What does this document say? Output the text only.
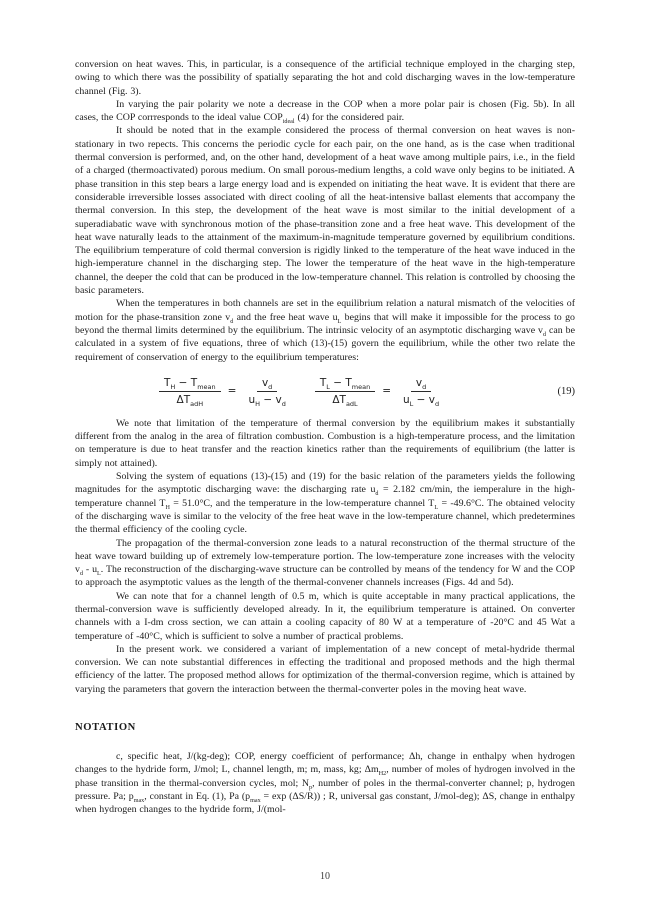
conversion on heat waves. This, in particular, is a consequence of the artificial technique employed in the charging step, owing to which there was the possibility of spatially separating the hot and cold discharging waves in the low-temperature channel (Fig. 3).

In varying the pair polarity we note a decrease in the COP when a more polar pair is chosen (Fig. 5b). In all cases, the COP corrresponds to the ideal value $COP_{ideal}$ (4) for the considered pair.

It should be noted that in the example considered the process of thermal conversion on heat waves is non-stationary in two repects. This concerns the periodic cycle for each pair, on the one hand, as is the case when traditional thermal conversion is performed, and, on the other hand, development of a heat wave among multiple pairs, i.e., in the field of a charged (thermoactivated) porous medium. On small porous-medium lengths, a cold wave only begins to be initiated. A phase transition in this step bears a large energy load and is expended on initiating the heat wave. It is evident that there are considerable irreversible losses associated with direct cooling of all the heat-intensive ballast elements that accompany the thermal conversion. In this step, the development of the heat wave is most similar to the initial development of a superadiabatic wave with synchronous motion of the phase-transition zone and a free heat wave. This development of the heat wave naturally leads to the attainment of the maximum-in-magnitude temperature governed by equilibrium conditions. The equilibrium temperature of cold thermal conversion is rigidly linked to the temperature of the heat wave induced in the high-iemperature channel in the discharging step. The lower the temperature of the heat wave in the high-temperature channel, the deeper the cold that can be produced in the low-temperature channel. This relation is controlled by choosing the basic parameters.

When the temperatures in both channels are set in the equilibrium relation a natural mismatch of the velocities of motion for the phase-transition zone $v_d$ and the free heat wave $u_L$ begins that will make it impossible for the process to go beyond the thermal limits determined by the equilibrium. The intrinsic velocity of an asymptotic discharging wave $v_d$ can be calculated in a system of five equations, three of which (13)-(15) govern the equilibrium, while the other two relate the requirement of conservation of energy to the equilibrium temperatures:

$\frac{T_H - T_{mean}}{\Delta T_{adH}} = \frac{v_d}{u_H - v_d} \frac{T_L - T_{mean}}{\Delta T_{adL}} = \frac{v_d}{u_L - v_d}$	(19)

We note that limitation of the temperature of thermal conversion by the equilibrium makes it substantially different from the analog in the area of filtration combustion. Combustion is a high-temperature process, and the limitation on temperature is due to heat transfer and the reaction kinetics rather than the requirements of equilibrium (the latter is simply not attained).

Solving the system of equations (13)-(15) and (19) for the basic relation of the parameters yields the following magnitudes for the asymptotic discharging wave: the discharging rate $u_d = 2.182$ cm/min, the iemperalure in the high-temperature channel $T_H = 51.0^\circ C$, and the temperature in the low-temperature channel $T_L = -49.6^\circ C$. The obtained velocity of the discharging wave is similar to the velocity of the free heat wave in the low-temperature channel, which predetermines the thermal efficiency of the cooling cycle.

The propagation of the thermal-conversion zone leads to a natural reconstruction of the thermal structure of the heat wave toward building up of extremely low-temperature portion. The low-temperature zone increases with the velocity $v_d - u_L$. The reconstruction of the discharging-wave structure can be controlled by means of the tendency for W and the COP to approach the asymptotic values as the length of the thermal-convener channels increases (Figs. 4d and 5d).

We can note that for a channel length of 0.5 m, which is quite acceptable in many practical applications, the thermal-conversion wave is sufficiently developed already. In it, the equilibrium temperature is attained. On converter channels with a I-dm cross section, we can attain a cooling capacity of 80 W at a temperature of -20°C and 45 Wat a temperature of -40°C, which is sufficient to solve a number of practical problems.

In the present work. we considered a variant of implementation of a new concept of metal-hydride thermal conversion. We can note substantial differences in effecting the traditional and proposed methods and the high thermal efficiency of the latter. The proposed method allows for optimization of the thermal-conversion regime, which is attained by varying the parameters that govern the interaction between the thermal-converter poles in the moving heat wave.

NOTATION

c, specific heat, J/(kg-deg); COP, energy coefficient of performance; Δh, change in enthalpy when hydrogen changes to the hydride form, J/mol; L, channel length, m; m, mass, kg; $\Delta m_{H2}$, number of moles of hydrogen involved in the phase transition in the thermal-conversion cycles, mol; $N_p$, number of poles in the thermal-converter channel; p, hydrogen pressure. Pa; $p_{max}$, constant in Eq. (1), Pa $(p_{max} = \exp (\Delta S/R))$ ; R, universal gas constant, J/mol-deg); ΔS, change in enthalpy when hydrogen changes to the hydride form, J/(mol-

10
